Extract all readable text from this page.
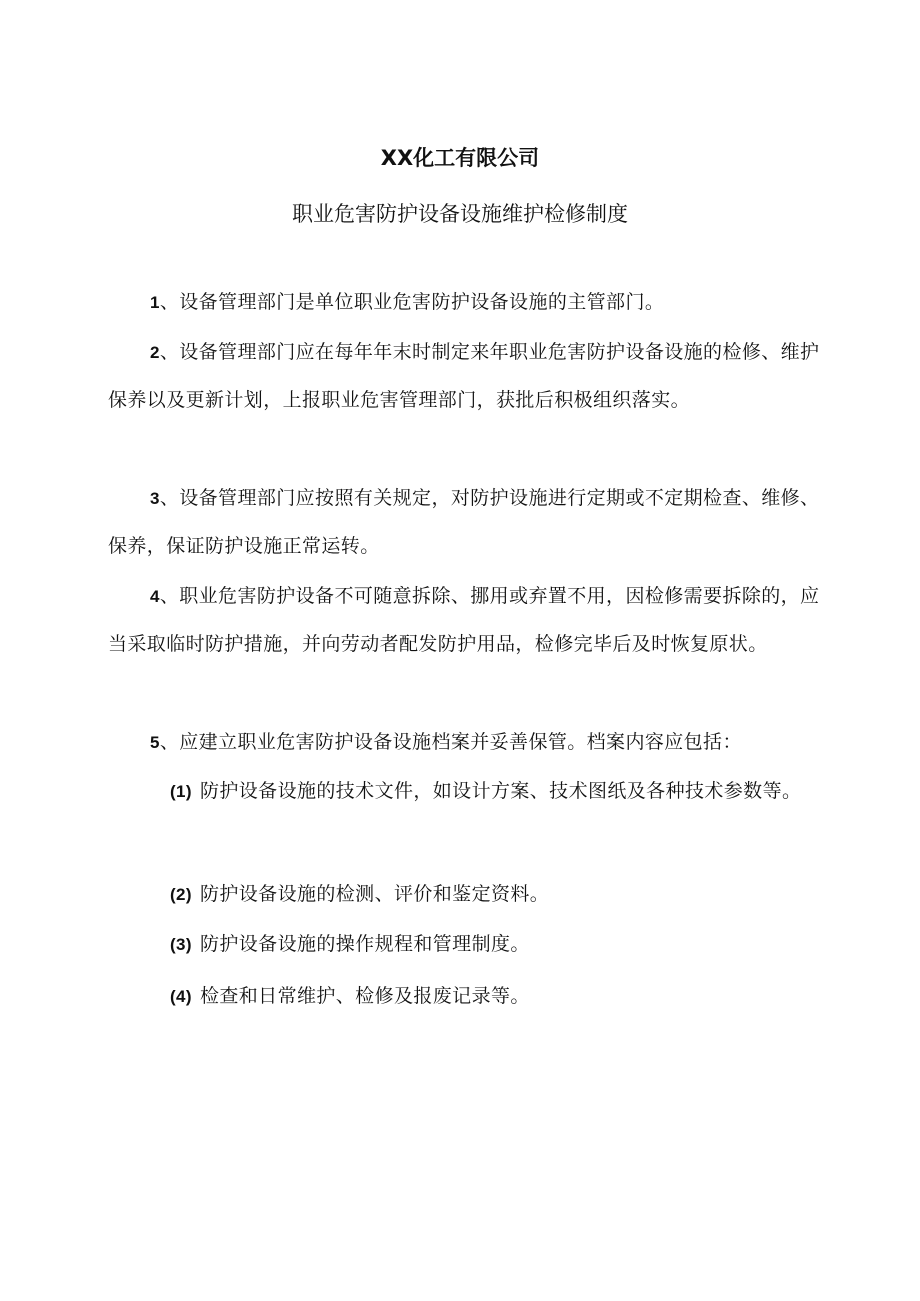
XX化工有限公司
职业危害防护设备设施维护检修制度

1、设备管理部门是单位职业危害防护设备设施的主管部门。

2、设备管理部门应在每年年末时制定来年职业危害防护设备设施的检修、维护保养以及更新计划，上报职业危害管理部门，获批后积极组织落实。

3、设备管理部门应按照有关规定，对防护设施进行定期或不定期检查、维修、保养，保证防护设施正常运转。

4、职业危害防护设备不可随意拆除、挪用或弃置不用，因检修需要拆除的，应当采取临时防护措施，并向劳动者配发防护用品，检修完毕后及时恢复原状。

5、应建立职业危害防护设备设施档案并妥善保管。档案内容应包括：

(1) 防护设备设施的技术文件，如设计方案、技术图纸及各种技术参数等。

(2) 防护设备设施的检测、评价和鉴定资料。

(3) 防护设备设施的操作规程和管理制度。

(4) 检查和日常维护、检修及报废记录等。
